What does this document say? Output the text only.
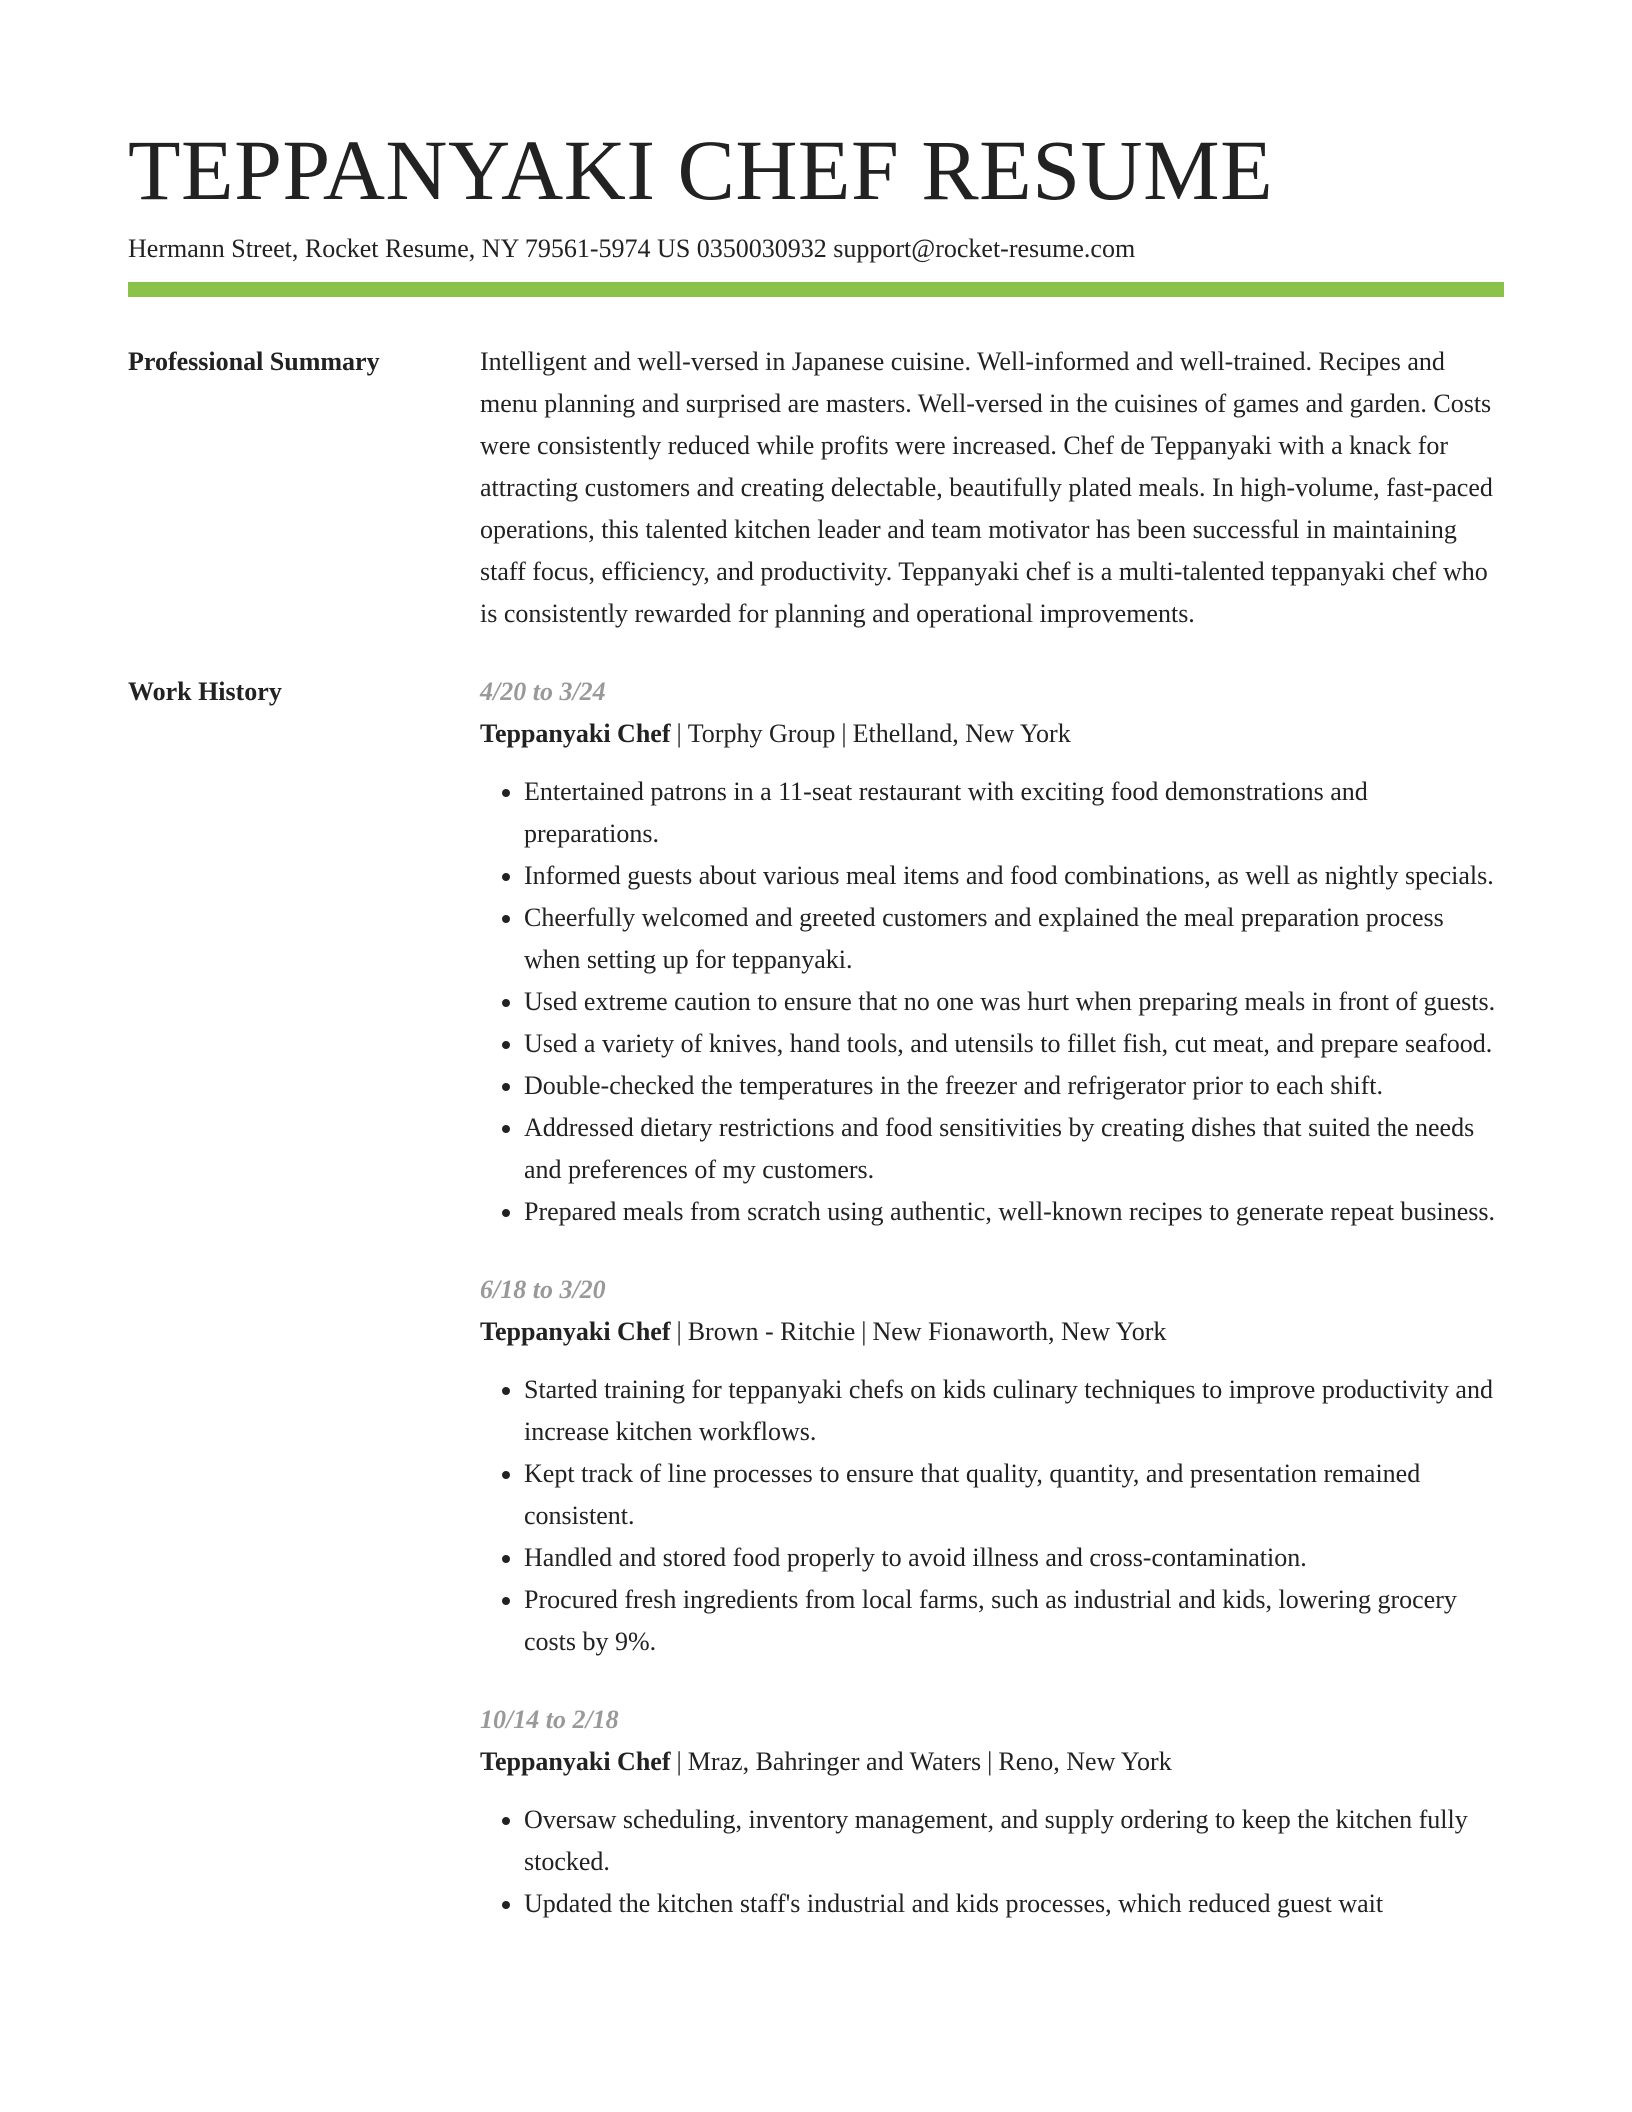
TEPPANYAKI CHEF RESUME
Hermann Street, Rocket Resume, NY 79561-5974 US 0350030932 support@rocket-resume.com
Professional Summary	Intelligent and well-versed in Japanese cuisine. Well-informed and well-trained. Recipes and menu planning and surprised are masters. Well-versed in the cuisines of games and garden. Costs were consistently reduced while profits were increased. Chef de Teppanyaki with a knack for attracting customers and creating delectable, beautifully plated meals. In high-volume, fast-paced operations, this talented kitchen leader and team motivator has been successful in maintaining staff focus, efficiency, and productivity. Teppanyaki chef is a multi-talented teppanyaki chef who is consistently rewarded for planning and operational improvements.

Work History	4/20 to 3/24
Teppanyaki Chef | Torphy Group | Ethelland, New York
• Entertained patrons in a 11-seat restaurant with exciting food demonstrations and preparations.
• Informed guests about various meal items and food combinations, as well as nightly specials.
• Cheerfully welcomed and greeted customers and explained the meal preparation process when setting up for teppanyaki.
• Used extreme caution to ensure that no one was hurt when preparing meals in front of guests.
• Used a variety of knives, hand tools, and utensils to fillet fish, cut meat, and prepare seafood.
• Double-checked the temperatures in the freezer and refrigerator prior to each shift.
• Addressed dietary restrictions and food sensitivities by creating dishes that suited the needs and preferences of my customers.
• Prepared meals from scratch using authentic, well-known recipes to generate repeat business.
6/18 to 3/20
Teppanyaki Chef | Brown - Ritchie | New Fionaworth, New York
• Started training for teppanyaki chefs on kids culinary techniques to improve productivity and increase kitchen workflows.
• Kept track of line processes to ensure that quality, quantity, and presentation remained consistent.
• Handled and stored food properly to avoid illness and cross-contamination.
• Procured fresh ingredients from local farms, such as industrial and kids, lowering grocery costs by 9%.
10/14 to 2/18
Teppanyaki Chef | Mraz, Bahringer and Waters | Reno, New York
• Oversaw scheduling, inventory management, and supply ordering to keep the kitchen fully stocked.
• Updated the kitchen staff's industrial and kids processes, which reduced guest wait
